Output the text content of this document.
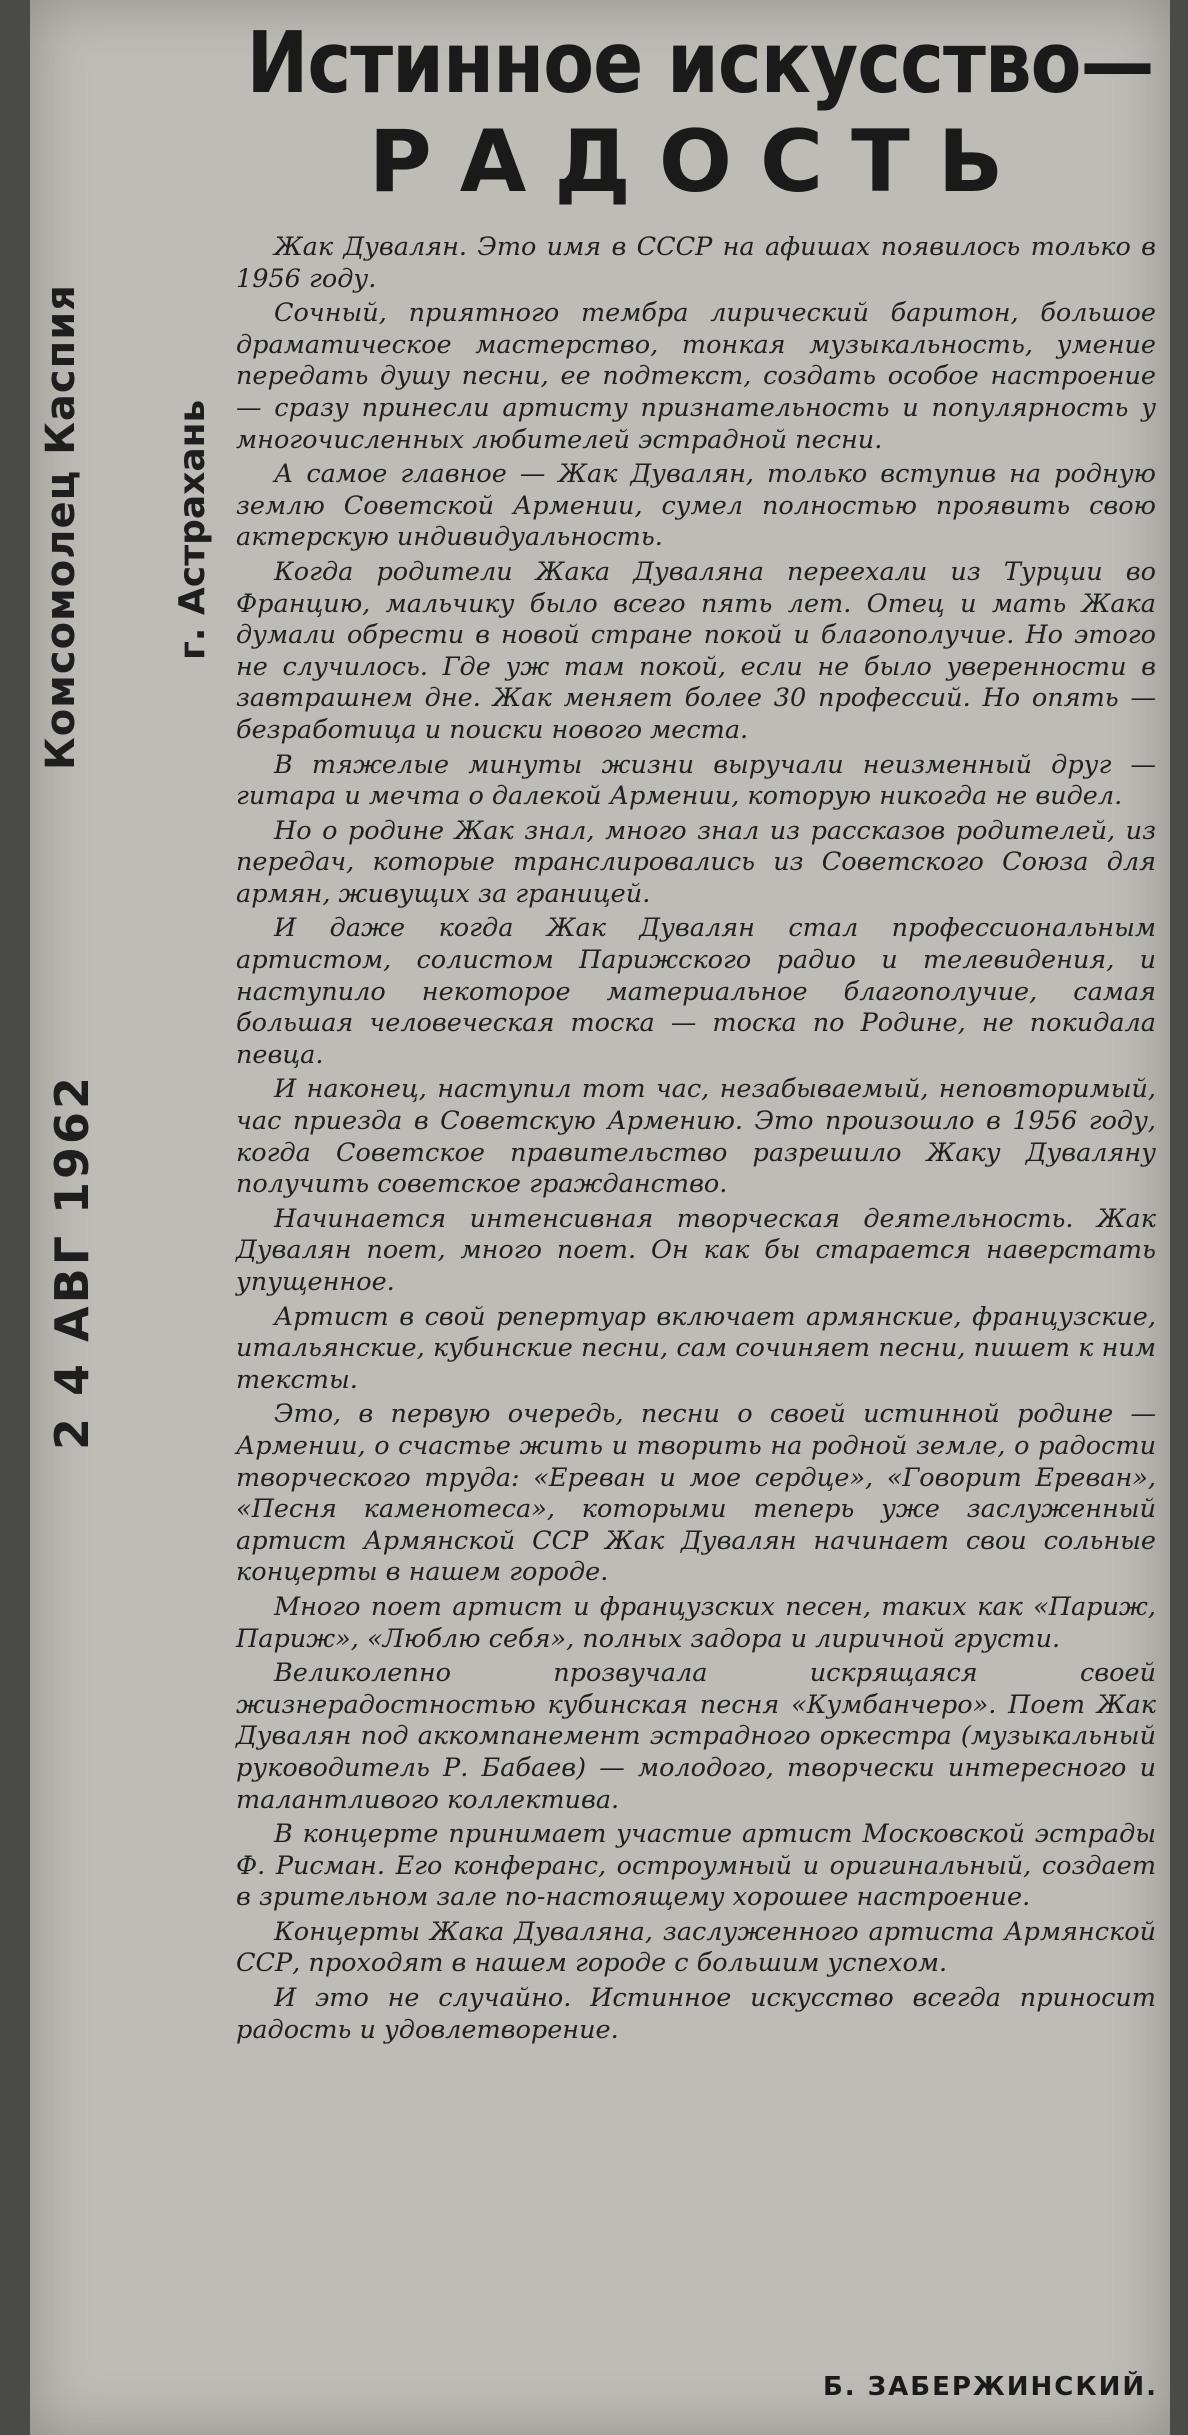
Комсомолец Каспия	г. Астрахань
2 4 АВГ 1962
Истинное искусство—
РАДОСТЬ

Жак Дувалян. Это имя в СССР на афишах появилось только в 1956 году.

Сочный, приятного тембра лирический баритон, большое драматическое мастерство, тонкая музыкальность, умение передать душу песни, ее подтекст, создать особое настроение — сразу принесли артисту признательность и популярность у многочисленных любителей эстрадной песни.

А самое главное — Жак Дувалян, только вступив на родную землю Советской Армении, сумел полностью проявить свою актерскую индивидуальность.

Когда родители Жака Дуваляна переехали из Турции во Францию, мальчику было всего пять лет. Отец и мать Жака думали обрести в новой стране покой и благополучие. Но этого не случилось. Где уж там покой, если не было уверенности в завтрашнем дне. Жак меняет более 30 профессий. Но опять — безработица и поиски нового места.

В тяжелые минуты жизни выручали неизменный друг — гитара и мечта о далекой Армении, которую никогда не видел.

Но о родине Жак знал, много знал из рассказов родителей, из передач, которые транслировались из Советского Союза для армян, живущих за границей.

И даже когда Жак Дувалян стал профессиональным артистом, солистом Парижского радио и телевидения, и наступило некоторое материальное благополучие, самая большая человеческая тоска — тоска по Родине, не покидала певца.

И наконец, наступил тот час, незабываемый, неповторимый, час приезда в Советскую Армению. Это произошло в 1956 году, когда Советское правительство разрешило Жаку Дуваляну получить советское гражданство.

Начинается интенсивная творческая деятельность. Жак Дувалян поет, много поет. Он как бы старается наверстать упущенное.

Артист в свой репертуар включает армянские, французские, итальянские, кубинские песни, сам сочиняет песни, пишет к ним тексты.

Это, в первую очередь, песни о своей истинной родине — Армении, о счастье жить и творить на родной земле, о радости творческого труда: «Ереван и мое сердце», «Говорит Ереван», «Песня каменотеса», которыми теперь уже заслуженный артист Армянской ССР Жак Дувалян начинает свои сольные концерты в нашем городе.

Много поет артист и французских песен, таких как «Париж, Париж», «Люблю себя», полных задора и лиричной грусти.

Великолепно прозвучала искрящаяся своей жизнерадостностью кубинская песня «Кумбанчеро». Поет Жак Дувалян под аккомпанемент эстрадного оркестра (музыкальный руководитель Р. Бабаев) — молодого, творчески интересного и талантливого коллектива.

В концерте принимает участие артист Московской эстрады Ф. Рисман. Его конферанс, остроумный и оригинальный, создает в зрительном зале по-настоящему хорошее настроение.

Концерты Жака Дуваляна, заслуженного артиста Армянской ССР, проходят в нашем городе с большим успехом.

И это не случайно. Истинное искусство всегда приносит радость и удовлетворение.

Б. ЗАБЕРЖИНСКИЙ.
